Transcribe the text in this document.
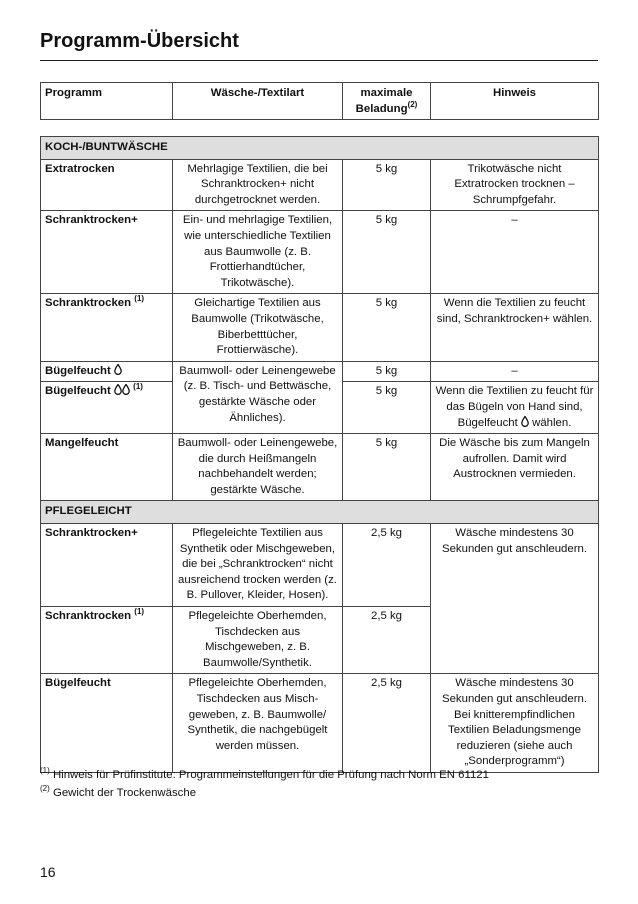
Programm-Übersicht
Programm	Wäsche-/Textilart	maximale Beladung$^{(2)}$	Hinweis
KOCH-/BUNTWÄSCHE			
Extratrocken	Mehrlagige Textilien, die bei Schranktrocken+ nicht durchgetrocknet werden.	5 kg	Trikotwäsche nicht Extratrocken trocknen – Schrumpfgefahr.
Schranktrocken+	Ein- und mehrlagige Textilien, wie unterschiedliche Textilien aus Baumwolle (z. B. Frottierhandtücher, Trikotwäsche).	5 kg	–
Schranktrocken $^{(1)}$	Gleichartige Textilien aus Baumwolle (Trikotwäsche, Biberbetttücher, Frottierwäsche).	5 kg	Wenn die Textilien zu feucht sind, Schranktrocken+ wählen.
Bügelfeucht	Baumwoll- oder Leinengewebe (z. B. Tisch- und Bettwäsche, gestärkte Wäsche oder Ähnliches).	5 kg	–
Bügelfeucht $^{(1)}$		5 kg	Wenn die Textilien zu feucht für das Bügeln von Hand sind, Bügelfeucht wählen.
Mangelfeucht	Baumwoll- oder Leinengewebe, die durch Heißmangeln nachbehandelt werden; gestärkte Wäsche.	5 kg	Die Wäsche bis zum Mangeln aufrollen. Damit wird Austrocknen vermieden.
PFLEGELEICHT			
Schranktrocken+	Pflegeleichte Textilien aus Synthetik oder Mischgeweben, die bei „Schranktrocken“ nicht ausreichend trocken werden (z. B. Pullover, Kleider, Hosen).	2,5 kg	Wäsche mindestens 30 Sekunden gut anschleudern.
Schranktrocken $^{(1)}$	Pflegeleichte Oberhemden, Tischdecken aus Mischgeweben, z. B. Baumwolle/Synthetik.	2,5 kg	
Bügelfeucht	Pflegeleichte Oberhemden, Tischdecken aus Misch-geweben, z. B. Baumwolle/ Synthetik, die nachgebügelt werden müssen.	2,5 kg	Wäsche mindestens 30 Sekunden gut anschleudern. Bei knitterempfindlichen Textilien Beladungsmenge reduzieren (siehe auch „Sonderprogramm“)
$^{(1)}$ Hinweis für Prüfinstitute: Programmeinstellungen für die Prüfung nach Norm EN 61121
$^{(2)}$ Gewicht der Trockenwäsche
16
